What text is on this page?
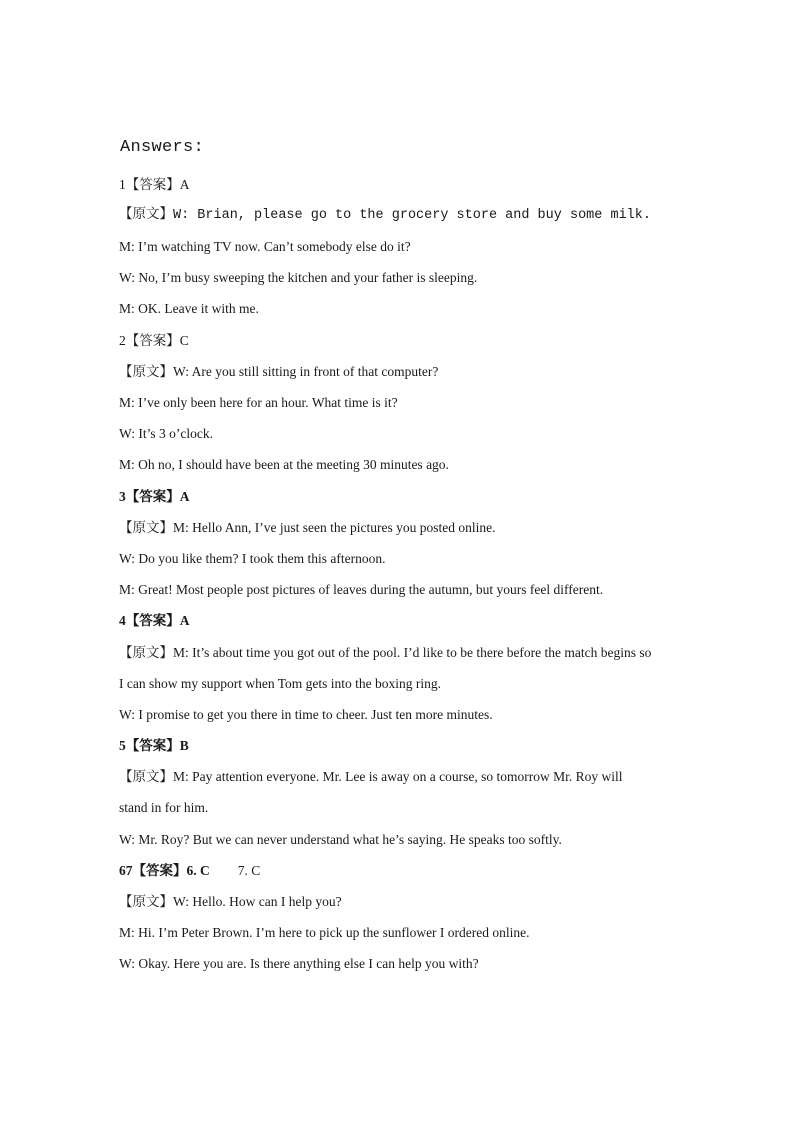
Answers:
1【答案】A
【原文】W: Brian, please go to the grocery store and buy some milk.
M: I’m watching TV now. Can’t somebody else do it?
W: No, I’m busy sweeping the kitchen and your father is sleeping.
M: OK. Leave it with me.
2【答案】C
【原文】W: Are you still sitting in front of that computer?
M: I’ve only been here for an hour. What time is it?
W: It’s 3 o’clock.
M: Oh no, I should have been at the meeting 30 minutes ago.
3【答案】A
【原文】M: Hello Ann, I’ve just seen the pictures you posted online.
W: Do you like them? I took them this afternoon.
M: Great! Most people post pictures of leaves during the autumn, but yours feel different.
4【答案】A
【原文】M: It’s about time you got out of the pool. I’d like to be there before the match begins so
I can show my support when Tom gets into the boxing ring.
W: I promise to get you there in time to cheer. Just ten more minutes.
5【答案】B
【原文】M: Pay attention everyone. Mr. Lee is away on a course, so tomorrow Mr. Roy will
stand in for him.
W: Mr. Roy? But we can never understand what he’s saying. He speaks too softly.
67【答案】6. C 7. C
【原文】W: Hello. How can I help you?
M: Hi. I’m Peter Brown. I’m here to pick up the sunflower I ordered online.
W: Okay. Here you are. Is there anything else I can help you with?
